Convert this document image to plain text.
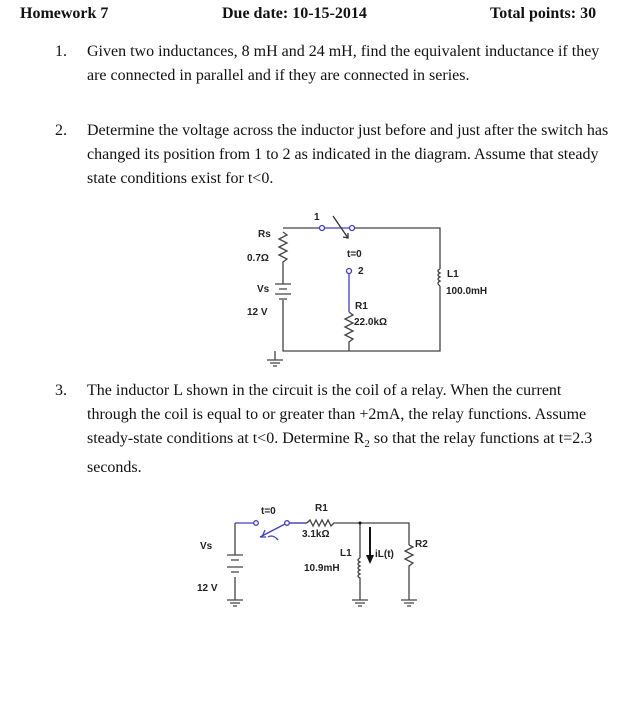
Homework 7	Due date: 10-15-2014	Total points: 30
1. Given two inductances, 8 mH and 24 mH, find the equivalent inductance if they are connected in parallel and if they are connected in series.
2. Determine the voltage across the inductor just before and just after the switch has changed its position from 1 to 2 as indicated in the diagram. Assume that steady state conditions exist for t<0.
3. The inductor L shown in the circuit is the coil of a relay. When the current through the coil is equal to or greater than +2mA, the relay functions. Assume steady-state conditions at t<0. Determine $R_2$ so that the relay functions at t=2.3 seconds.
1
Rs
0.7Ω	t=0
2
Vs
12 V
L1
100.0mH
R1
22.0kΩ
t=0	R1
3.1kΩ
Vs
12 V
L1
10.9mH
iL(t)
R2
